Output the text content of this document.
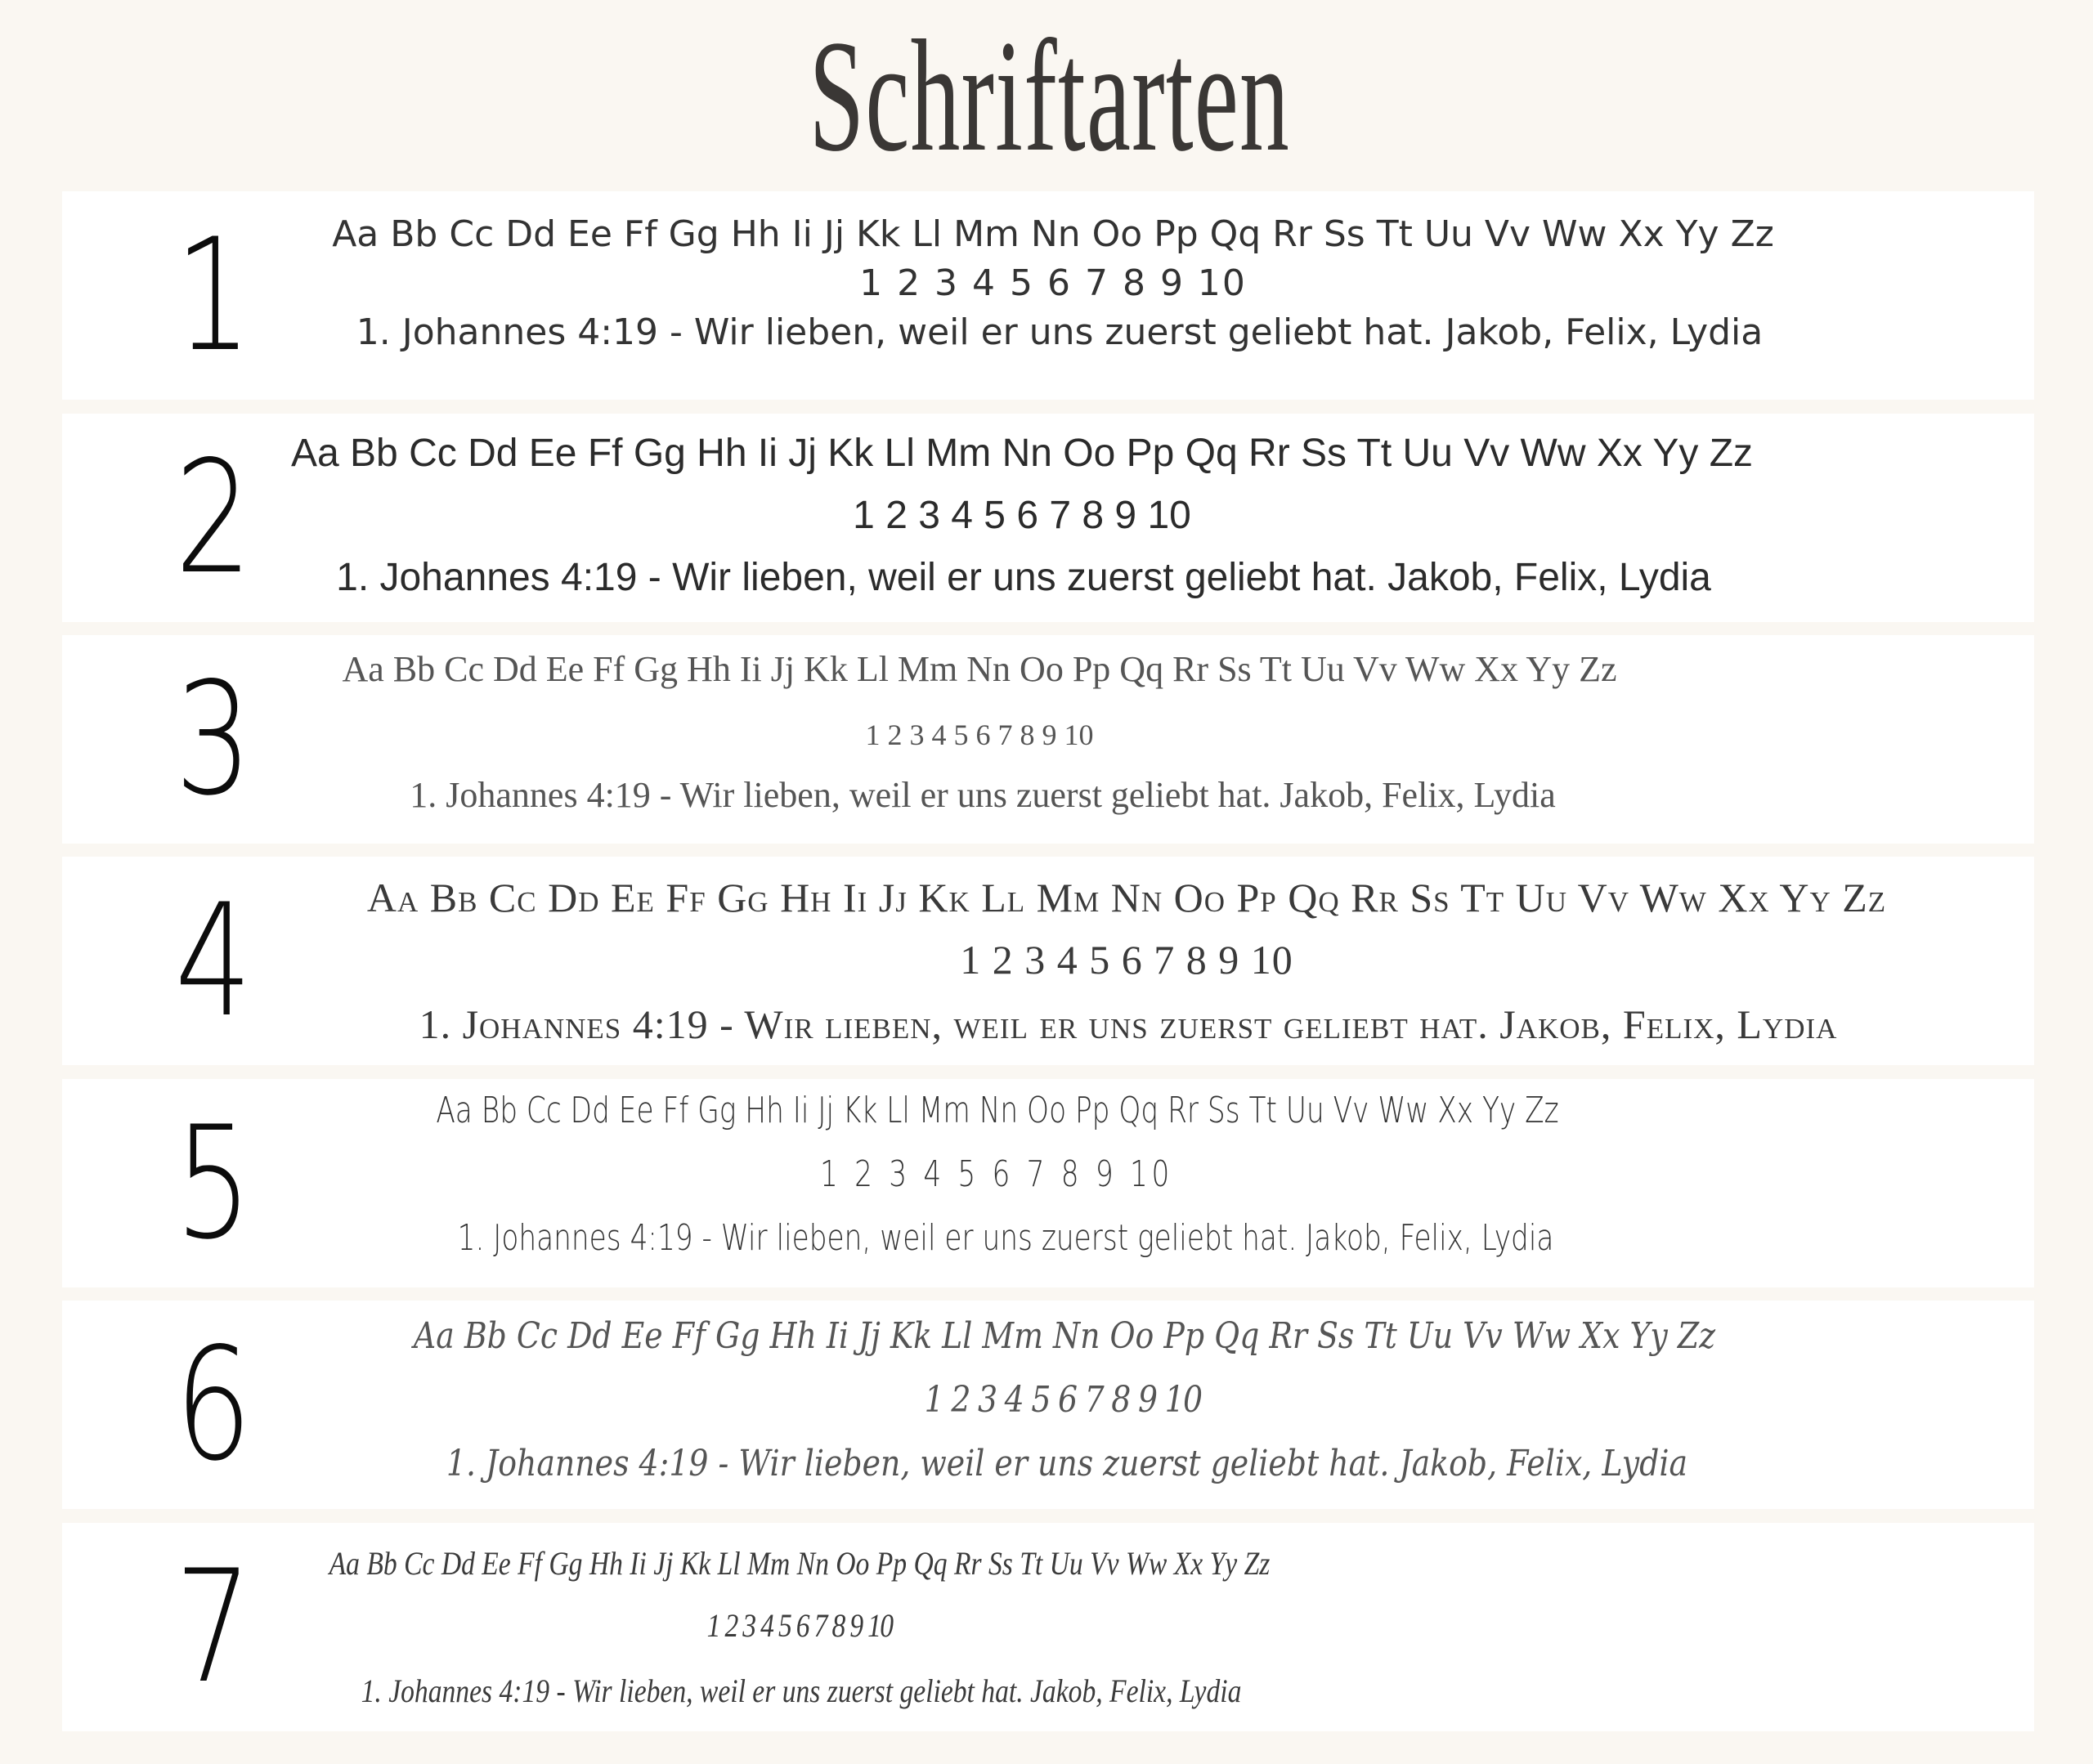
Schriftarten
1 Aa Bb Cc Dd Ee Ff Gg Hh Ii Jj Kk Ll Mm Nn Oo Pp Qq Rr Ss Tt Uu Vv Ww Xx Yy Zz
1 2 3 4 5 6 7 8 9 10
1. Johannes 4:19 - Wir lieben, weil er uns zuerst geliebt hat. Jakob, Felix, Lydia
2 Aa Bb Cc Dd Ee Ff Gg Hh Ii Jj Kk Ll Mm Nn Oo Pp Qq Rr Ss Tt Uu Vv Ww Xx Yy Zz
1 2 3 4 5 6 7 8 9 10
1. Johannes 4:19 - Wir lieben, weil er uns zuerst geliebt hat. Jakob, Felix, Lydia
3	Aa Bb Cc Dd Ee Ff Gg Hh Ii Jj Kk Ll Mm Nn Oo Pp Qq Rr Ss Tt Uu Vv Ww Xx Yy Zz
1 2 3 4 5 6 7 8 9 10
1. Johannes 4:19 - Wir lieben, weil er uns zuerst geliebt hat. Jakob, Felix, Lydia
4	Aa Bb Cc Dd Ee Ff Gg Hh Ii Jj Kk Ll Mm Nn Oo Pp Qq Rr Ss Tt Uu Vv Ww Xx Yy Zz
1 2 3 4 5 6 7 8 9 10
1. Johannes 4:19 - Wir lieben, weil er uns zuerst geliebt hat. Jakob, Felix, Lydia
5	Aa Bb Cc Dd Ee Ff Gg Hh Ii Jj Kk Ll Mm Nn Oo Pp Qq Rr Ss Tt Uu Vv Ww Xx Yy Zz
1 2 3 4 5 6 7 8 9 10
1. Johannes 4:19 - Wir lieben, weil er uns zuerst geliebt hat. Jakob, Felix, Lydia
6	Aa Bb Cc Dd Ee Ff Gg Hh Ii Jj Kk Ll Mm Nn Oo Pp Qq Rr Ss Tt Uu Vv Ww Xx Yy Zz
1 2 3 4 5 6 7 8 9 10
1. Johannes 4:19 - Wir lieben, weil er uns zuerst geliebt hat. Jakob, Felix, Lydia
7 Aa Bb Cc Dd Ee Ff Gg Hh Ii Jj Kk Ll Mm Nn Oo Pp Qq Rr Ss Tt Uu Vv Ww Xx Yy Zz
1 2 3 4 5 6 7 8 9 10
1. Johannes 4:19 - Wir lieben, weil er uns zuerst geliebt hat. Jakob, Felix, Lydia
